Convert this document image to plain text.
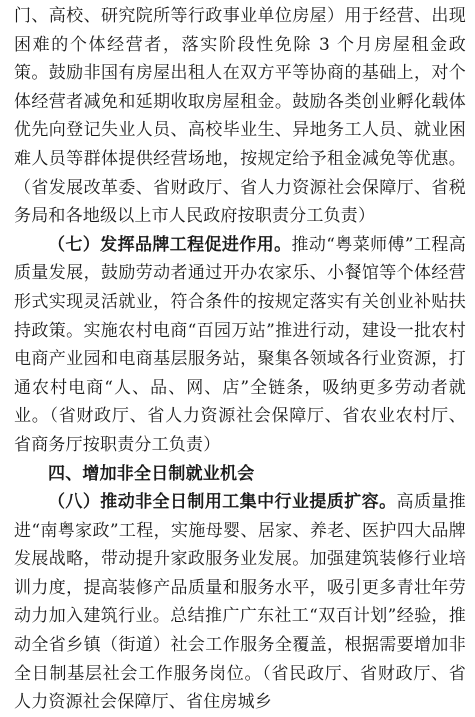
门、高校、研究院所等行政事业单位房屋）用于经营、出现困难的个体经营者，落实阶段性免除 3 个月房屋租金政策。鼓励非国有房屋出租人在双方平等协商的基础上，对个体经营者减免和延期收取房屋租金。鼓励各类创业孵化载体优先向登记失业人员、高校毕业生、异地务工人员、就业困难人员等群体提供经营场地，按规定给予租金减免等优惠。（省发展改革委、省财政厅、省人力资源社会保障厅、省税务局和各地级以上市人民政府按职责分工负责）

（七）发挥品牌工程促进作用。推动“粤菜师傅”工程高质量发展，鼓励劳动者通过开办农家乐、小餐馆等个体经营形式实现灵活就业，符合条件的按规定落实有关创业补贴扶持政策。实施农村电商“百园万站”推进行动，建设一批农村电商产业园和电商基层服务站，聚集各领域各行业资源，打通农村电商“人、品、网、店”全链条，吸纳更多劳动者就业。（省财政厅、省人力资源社会保障厅、省农业农村厅、省商务厅按职责分工负责）

四、增加非全日制就业机会

（八）推动非全日制用工集中行业提质扩容。高质量推进“南粤家政”工程，实施母婴、居家、养老、医护四大品牌发展战略，带动提升家政服务业发展。加强建筑装修行业培训力度，提高装修产品质量和服务水平，吸引更多青壮年劳动力加入建筑行业。总结推广广东社工“双百计划”经验，推动全省乡镇（街道）社会工作服务全覆盖，根据需要增加非全日制基层社会工作服务岗位。（省民政厅、省财政厅、省人力资源社会保障厅、省住房城乡
